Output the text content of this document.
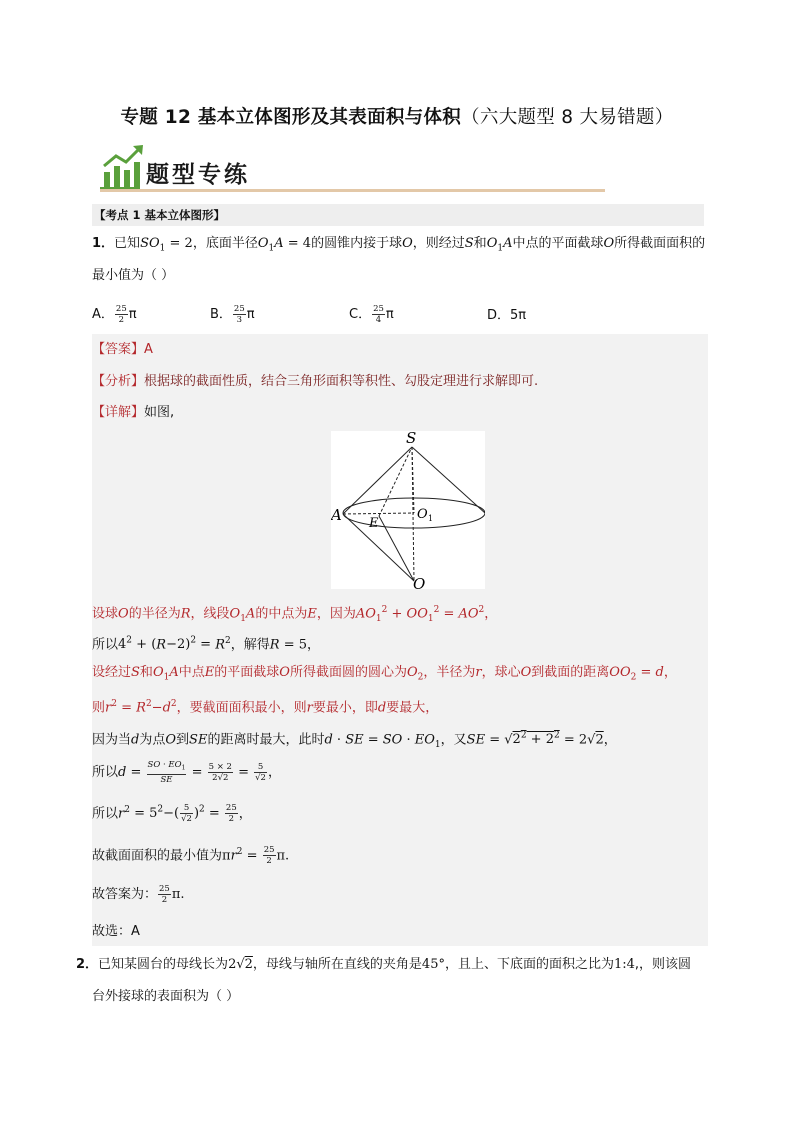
专题 12 基本立体图形及其表面积与体积（六大题型 8 大易错题）
题型专练
【考点 1 基本立体图形】
1．已知$SO_1 = 2$，底面半径$O_1A = 4$的圆锥内接于球O，则经过S和$O_1A$中点的平面截球O所得截面面积的
最小值为（ ）
A． $\frac{25}{2}$ π	B． $\frac{25}{3}$ π	C． $\frac{25}{4}$ π	D．5π
【答案】A
【分析】根据球的截面性质，结合三角形面积等积性、勾股定理进行求解即可.
【详解】如图,
S
A E
O 1
O
设球O的半径为R，线段$O_1A$的中点为E，因为$AO_1^2 + OO_1^2 = AO^2$，
所以$4^2 + (R-2)^2 = R^2$，解得R = 5，
设经过S和$O_1A$中点E的平面截球O所得截面圆的圆心为$O_2$，半径为r，球心O到截面的距离$OO_2 = d$，
则$r^2 = R^2-d^2$，要截面面积最小，则r要最小，即d要最大，
因为当d为点O到SE的距离时最大，此时d · SE = SO · $EO_1$，又SE = $√2^2 + 2^2 = 2√2$，
所以$d = \frac{SO \cdot EO_1}{SE} = \frac{5 \times 2}{2√2} = \frac{5}{√2}$ ，
所以$r^2 = 5^2-( \frac{5}{√2} )^2 = \frac{25}{2}$ ，
故截面面积的最小值为$\pi r^2 = \frac{25}{2} \pi$.
故答案为： $\frac{25}{2} \pi$.
故选：A
2．已知某圆台的母线长为2√2，母线与轴所在直线的夹角是45°，且上、下底面的面积之比为1:4,，则该圆
台外接球的表面积为（ ）
